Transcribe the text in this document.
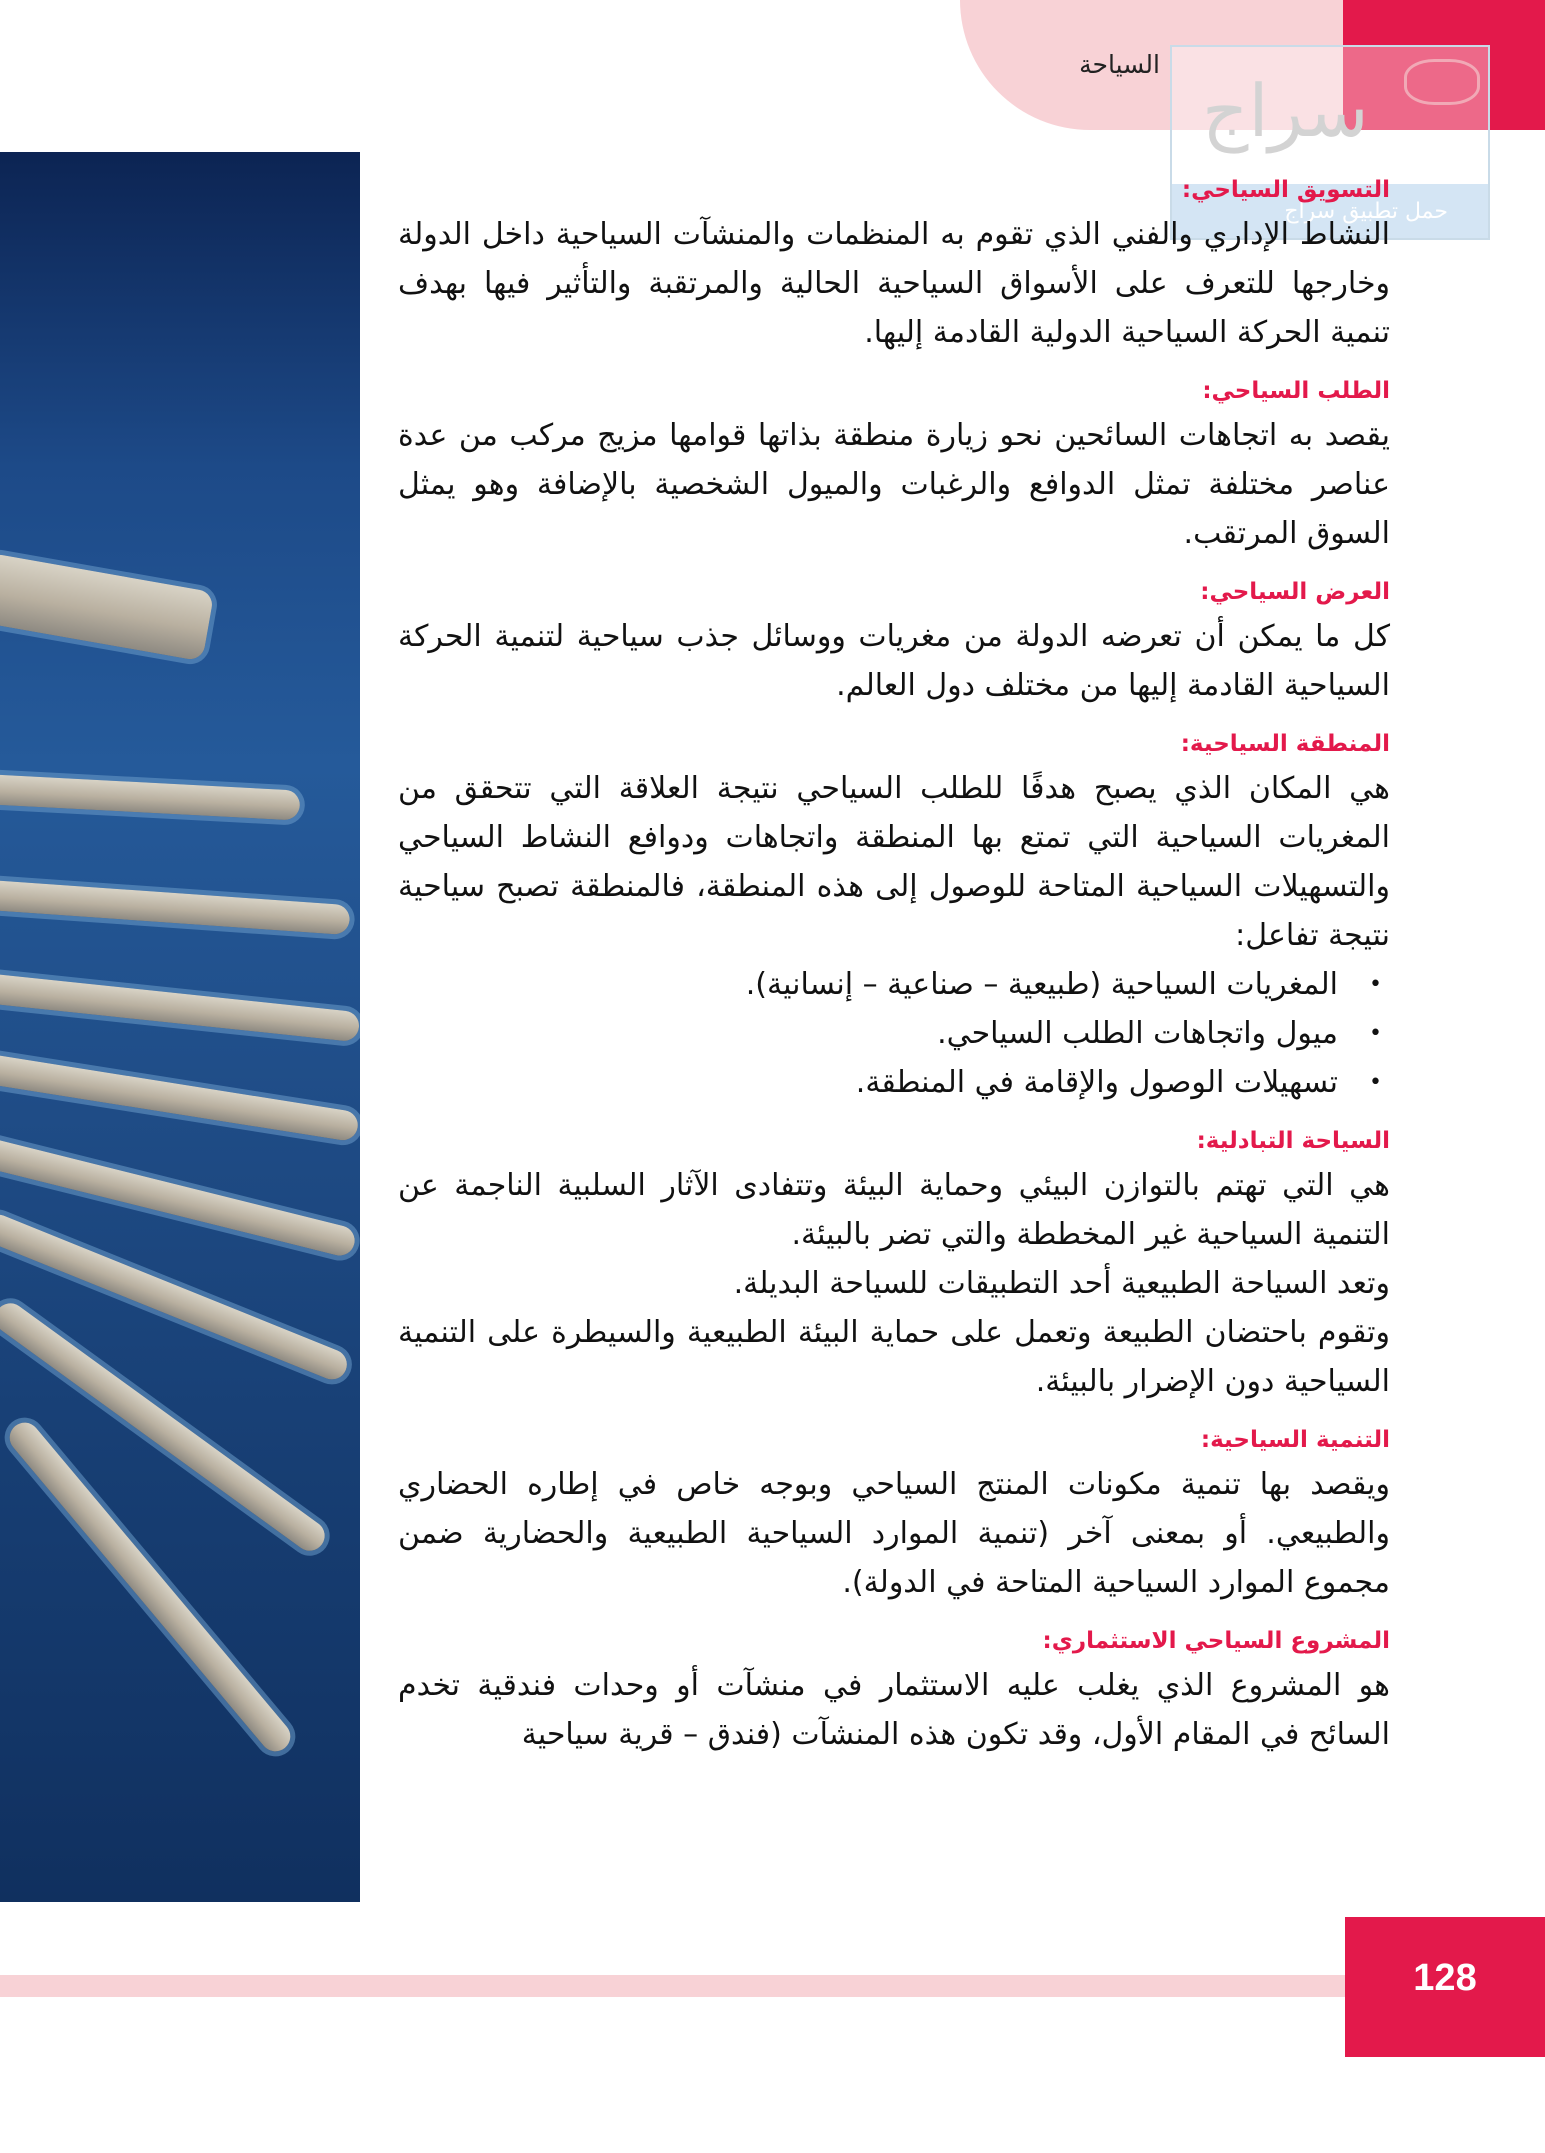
السياحة
سراج
حمل تطبيق سراج
التسويق السياحي:

النشاط الإداري والفني الذي تقوم به المنظمات والمنشآت السياحية داخل الدولة وخارجها للتعرف على الأسواق السياحية الحالية والمرتقبة والتأثير فيها بهدف تنمية الحركة السياحية الدولية القادمة إليها.

الطلب السياحي:

يقصد به اتجاهات السائحين نحو زيارة منطقة بذاتها قوامها مزيج مركب من عدة عناصر مختلفة تمثل الدوافع والرغبات والميول الشخصية بالإضافة وهو يمثل السوق المرتقب.

العرض السياحي:

كل ما يمكن أن تعرضه الدولة من مغريات ووسائل جذب سياحية لتنمية الحركة السياحية القادمة إليها من مختلف دول العالم.

المنطقة السياحية:

هي المكان الذي يصبح هدفًا للطلب السياحي نتيجة العلاقة التي تتحقق من المغريات السياحية التي تمتع بها المنطقة واتجاهات ودوافع النشاط السياحي والتسهيلات السياحية المتاحة للوصول إلى هذه المنطقة، فالمنطقة تصبح سياحية نتيجة تفاعل:

• المغريات السياحية (طبيعية – صناعية – إنسانية).
• ميول واتجاهات الطلب السياحي.
• تسهيلات الوصول والإقامة في المنطقة.
السياحة التبادلية:

هي التي تهتم بالتوازن البيئي وحماية البيئة وتتفادى الآثار السلبية الناجمة عن التنمية السياحية غير المخططة والتي تضر بالبيئة.

وتعد السياحة الطبيعية أحد التطبيقات للسياحة البديلة.

وتقوم باحتضان الطبيعة وتعمل على حماية البيئة الطبيعية والسيطرة على التنمية السياحية دون الإضرار بالبيئة.

التنمية السياحية:

ويقصد بها تنمية مكونات المنتج السياحي وبوجه خاص في إطاره الحضاري والطبيعي. أو بمعنى آخر (تنمية الموارد السياحية الطبيعية والحضارية ضمن مجموع الموارد السياحية المتاحة في الدولة).

المشروع السياحي الاستثماري:

هو المشروع الذي يغلب عليه الاستثمار في منشآت أو وحدات فندقية تخدم السائح في المقام الأول، وقد تكون هذه المنشآت (فندق – قرية سياحية

128
